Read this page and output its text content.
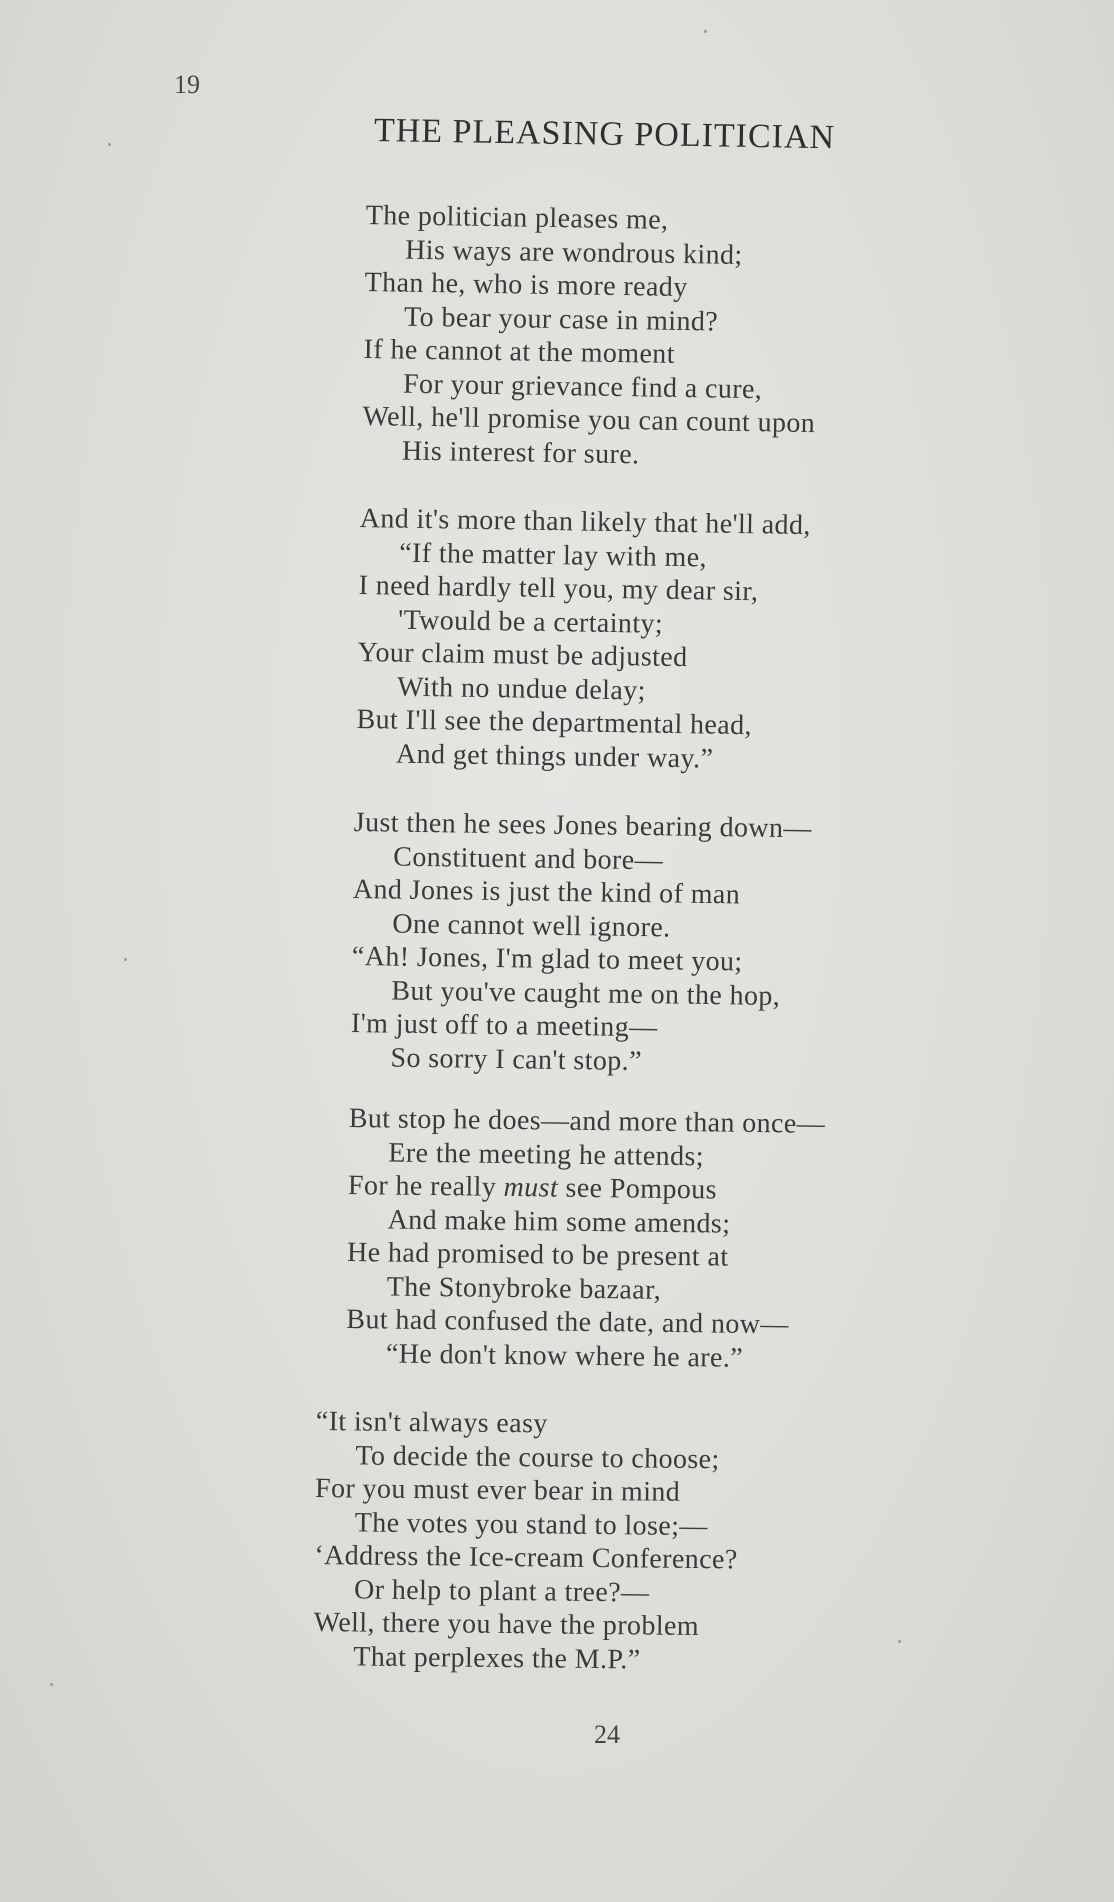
19
THE PLEASING POLITICIAN
The politician pleases me,
His ways are wondrous kind;
Than he, who is more ready
To bear your case in mind?
If he cannot at the moment
For your grievance find a cure,
Well, he'll promise you can count upon
His interest for sure.
And it's more than likely that he'll add,
“If the matter lay with me,
I need hardly tell you, my dear sir,
'Twould be a certainty;
Your claim must be adjusted
With no undue delay;
But I'll see the departmental head,
And get things under way.”
Just then he sees Jones bearing down—
Constituent and bore—
And Jones is just the kind of man
One cannot well ignore.
“Ah! Jones, I'm glad to meet you;
But you've caught me on the hop,
I'm just off to a meeting—
So sorry I can't stop.”
But stop he does—and more than once—
Ere the meeting he attends;
For he really must see Pompous
And make him some amends;
He had promised to be present at
The Stonybroke bazaar,
But had confused the date, and now—
“He don't know where he are.”
“It isn't always easy
To decide the course to choose;
For you must ever bear in mind
The votes you stand to lose;—
‘Address the Ice-cream Conference?
Or help to plant a tree?—
Well, there you have the problem
That perplexes the M.P.”
24
